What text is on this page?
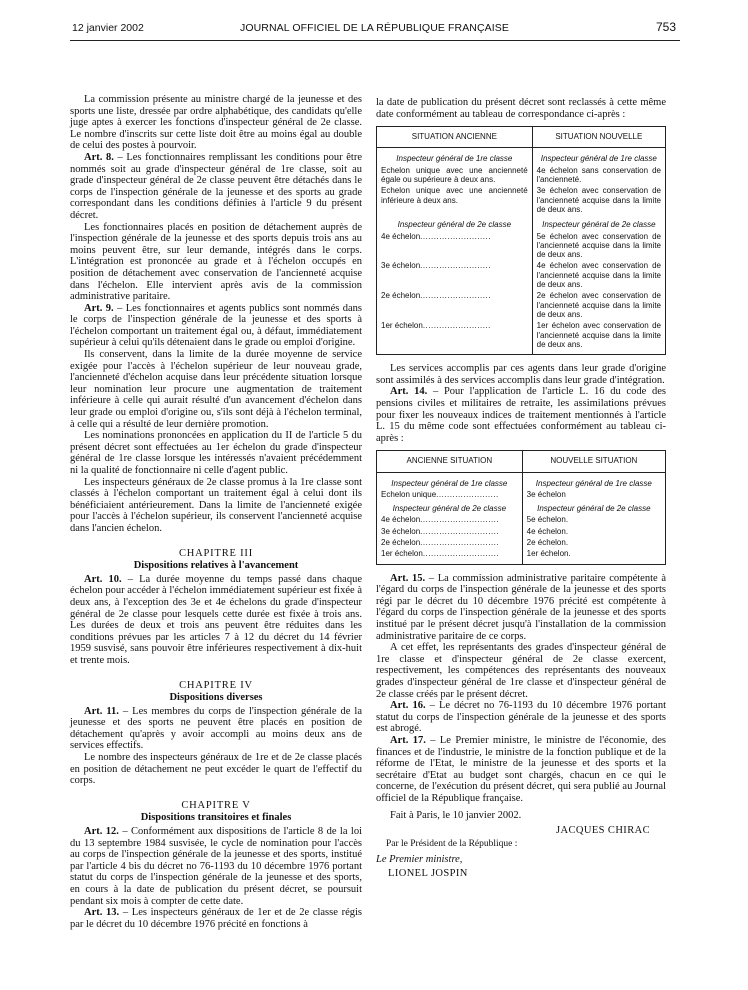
12 janvier 2002	JOURNAL OFFICIEL DE LA RÉPUBLIQUE FRANÇAISE	753

La commission présente au ministre chargé de la jeunesse et des sports une liste, dressée par ordre alphabétique, des candidats qu'elle juge aptes à exercer les fonctions d'inspecteur général de 2e classe. Le nombre d'inscrits sur cette liste doit être au moins égal au double de celui des postes à pourvoir.

Art. 8. – Les fonctionnaires remplissant les conditions pour être nommés soit au grade d'inspecteur général de 1re classe, soit au grade d'inspecteur général de 2e classe peuvent être détachés dans le corps de l'inspection générale de la jeunesse et des sports au grade correspondant dans les conditions définies à l'article 9 du présent décret.

Les fonctionnaires placés en position de détachement auprès de l'inspection générale de la jeunesse et des sports depuis trois ans au moins peuvent être, sur leur demande, intégrés dans le corps. L'intégration est prononcée au grade et à l'échelon occupés en position de détachement avec conservation de l'ancienneté acquise dans l'échelon. Elle intervient après avis de la commission administrative paritaire.

Art. 9. – Les fonctionnaires et agents publics sont nommés dans le corps de l'inspection générale de la jeunesse et des sports à l'échelon comportant un traitement égal ou, à défaut, immédiatement supérieur à celui qu'ils détenaient dans le grade ou emploi d'origine.

Ils conservent, dans la limite de la durée moyenne de service exigée pour l'accès à l'échelon supérieur de leur nouveau grade, l'ancienneté d'échelon acquise dans leur précédente situation lorsque leur nomination leur procure une augmentation de traitement inférieure à celle qui aurait résulté d'un avancement d'échelon dans leur grade ou emploi d'origine ou, s'ils sont déjà à l'échelon terminal, à celle qui a résulté de leur dernière promotion.

Les nominations prononcées en application du II de l'article 5 du présent décret sont effectuées au 1er échelon du grade d'inspecteur général de 1re classe lorsque les intéressés n'avaient précédemment ni la qualité de fonctionnaire ni celle d'agent public.

Les inspecteurs généraux de 2e classe promus à la 1re classe sont classés à l'échelon comportant un traitement égal à celui dont ils bénéficiaient antérieurement. Dans la limite de l'ancienneté exigée pour l'accès à l'échelon supérieur, ils conservent l'ancienneté acquise dans l'ancien échelon.

CHAPITRE III
Dispositions relatives à l'avancement

Art. 10. – La durée moyenne du temps passé dans chaque échelon pour accéder à l'échelon immédiatement supérieur est fixée à deux ans, à l'exception des 3e et 4e échelons du grade d'inspecteur général de 2e classe pour lesquels cette durée est fixée à trois ans. Les durées de deux et trois ans peuvent être réduites dans les conditions prévues par les articles 7 à 12 du décret du 14 février 1959 susvisé, sans pouvoir être inférieures respectivement à dix-huit et trente mois.

CHAPITRE IV
Dispositions diverses

Art. 11. – Les membres du corps de l'inspection générale de la jeunesse et des sports ne peuvent être placés en position de détachement qu'après y avoir accompli au moins deux ans de services effectifs.

Le nombre des inspecteurs généraux de 1re et de 2e classe placés en position de détachement ne peut excéder le quart de l'effectif du corps.

CHAPITRE V
Dispositions transitoires et finales

Art. 12. – Conformément aux dispositions de l'article 8 de la loi du 13 septembre 1984 susvisée, le cycle de nomination pour l'accès au corps de l'inspection générale de la jeunesse et des sports, institué par l'article 4 bis du décret no 76-1193 du 10 décembre 1976 portant statut du corps de l'inspection générale de la jeunesse et des sports, en cours à la date de publication du présent décret, se poursuit pendant six mois à compter de cette date.

Art. 13. – Les inspecteurs généraux de 1er et de 2e classe régis par le décret du 10 décembre 1976 précité en fonctions à

la date de publication du présent décret sont reclassés à cette même date conformément au tableau de correspondance ci-après :

SITUATION ANCIENNE	SITUATION NOUVELLE
Inspecteur général de 1re classe	Inspecteur général de 1re classe
Echelon unique avec une ancienneté égale ou supérieure à deux ans.	4e échelon sans conservation de l'ancienneté.
Echelon unique avec une ancienneté inférieure à deux ans.	3e échelon avec conservation de l'ancienneté acquise dans la limite de deux ans.
Inspecteur général de 2e classe	Inspecteur général de 2e classe
4e échelon..........................	5e échelon avec conservation de l'ancienneté acquise dans la limite de deux ans.
3e échelon..........................	4e échelon avec conservation de l'ancienneté acquise dans la limite de deux ans.
2e échelon..........................	2e échelon avec conservation de l'ancienneté acquise dans la limite de deux ans.
1er échelon.........................	1er échelon avec conservation de l'ancienneté acquise dans la limite de deux ans.

Les services accomplis par ces agents dans leur grade d'origine sont assimilés à des services accomplis dans leur grade d'intégration.

Art. 14. – Pour l'application de l'article L. 16 du code des pensions civiles et militaires de retraite, les assimilations prévues pour fixer les nouveaux indices de traitement mentionnés à l'article L. 15 du même code sont effectuées conformément au tableau ci-après :

ANCIENNE SITUATION	NOUVELLE SITUATION
Inspecteur général de 1re classe	Inspecteur général de 1re classe
Echelon unique.......................	3e échelon
Inspecteur général de 2e classe	Inspecteur général de 2e classe
4e échelon.............................	5e échelon.
3e échelon.............................	4e échelon.
2e échelon.............................	2e échelon.
1er échelon............................	1er échelon.

Art. 15. – La commission administrative paritaire compétente à l'égard du corps de l'inspection générale de la jeunesse et des sports régi par le décret du 10 décembre 1976 précité est compétente à l'égard du corps de l'inspection générale de la jeunesse et des sports institué par le présent décret jusqu'à l'installation de la commission administrative paritaire de ce corps.

A cet effet, les représentants des grades d'inspecteur général de 1re classe et d'inspecteur général de 2e classe exercent, respectivement, les compétences des représentants des nouveaux grades d'inspecteur général de 1re classe et d'inspecteur général de 2e classe créés par le présent décret.

Art. 16. – Le décret no 76-1193 du 10 décembre 1976 portant statut du corps de l'inspection générale de la jeunesse et des sports est abrogé.

Art. 17. – Le Premier ministre, le ministre de l'économie, des finances et de l'industrie, le ministre de la fonction publique et de la réforme de l'Etat, le ministre de la jeunesse et des sports et la secrétaire d'Etat au budget sont chargés, chacun en ce qui le concerne, de l'exécution du présent décret, qui sera publié au Journal officiel de la République française.

Fait à Paris, le 10 janvier 2002.

JACQUES CHIRAC
Par le Président de la République :
Le Premier ministre,
LIONEL JOSPIN
